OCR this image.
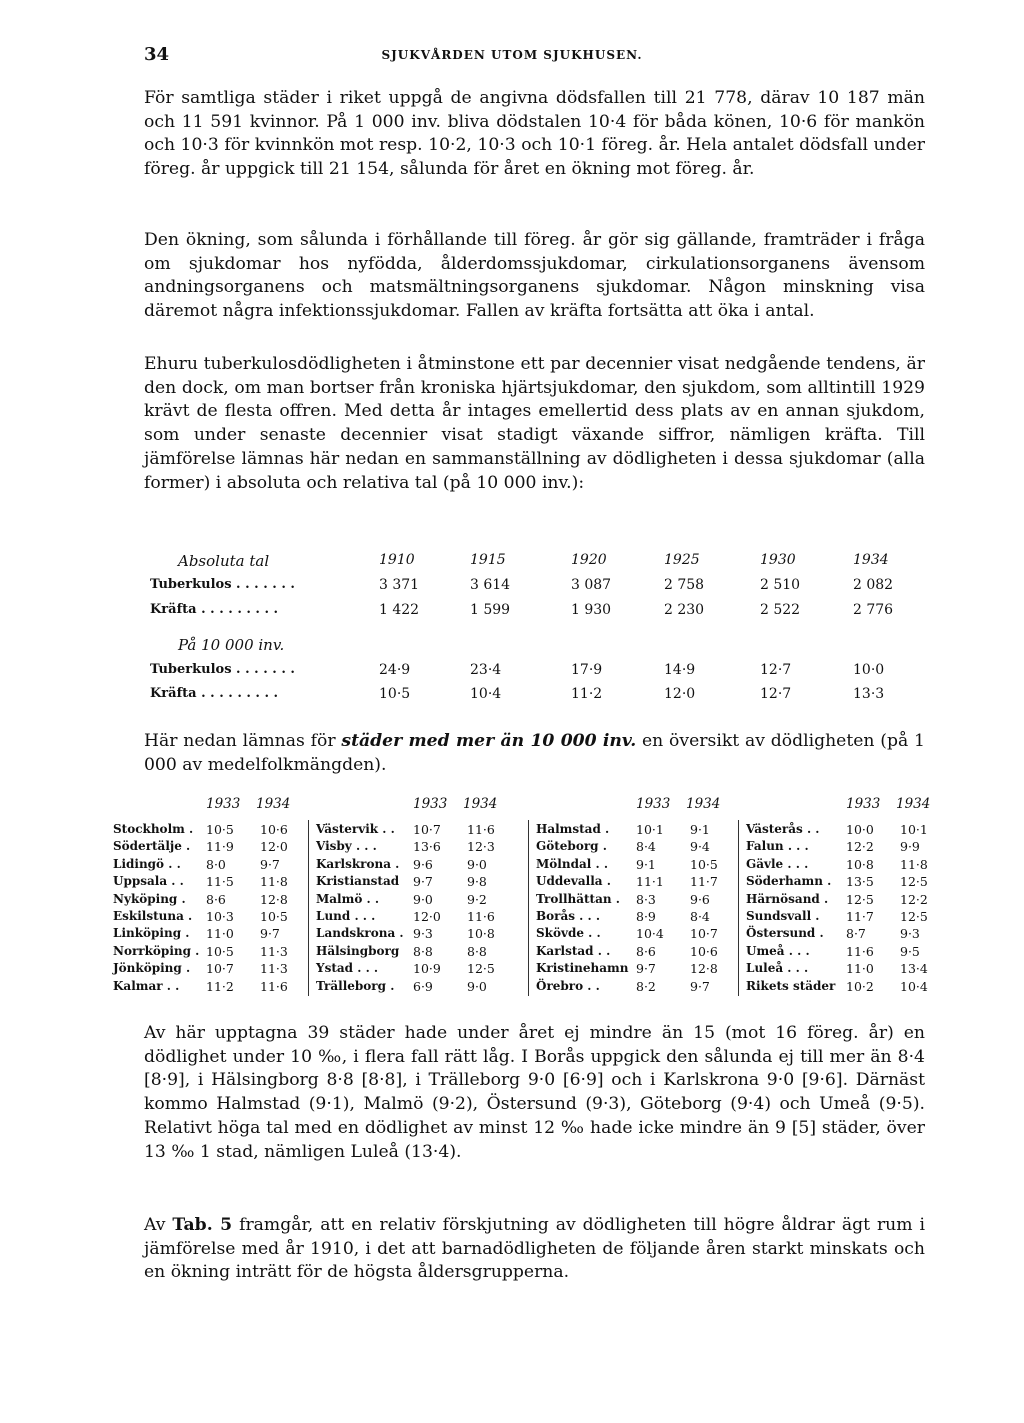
34	SJUKVÅRDEN UTOM SJUKHUSEN.

För samtliga städer i riket uppgå de angivna dödsfallen till 21 778, därav 10 187 män och 11 591 kvinnor. På 1 000 inv. bliva dödstalen 10·4 för båda könen, 10·6 för mankön och 10·3 för kvinnkön mot resp. 10·2, 10·3 och 10·1 föreg. år. Hela antalet dödsfall under föreg. år uppgick till 21 154, sålunda för året en ökning mot föreg. år.

Den ökning, som sålunda i förhållande till föreg. år gör sig gällande, framträder i fråga om sjukdomar hos nyfödda, ålderdomssjukdomar, cirkulationsorganens ävensom andningsorganens och matsmältningsorganens sjukdomar. Någon minskning visa däremot några infektionssjukdomar. Fallen av kräfta fortsätta att öka i antal.

Ehuru tuberkulosdödligheten i åtminstone ett par decennier visat nedgående tendens, är den dock, om man bortser från kroniska hjärtsjukdomar, den sjukdom, som alltintill 1929 krävt de flesta offren. Med detta år intages emellertid dess plats av en annan sjukdom, som under senaste decennier visat stadigt växande siffror, nämligen kräfta. Till jämförelse lämnas här nedan en sammanställning av dödligheten i dessa sjukdomar (alla former) i absoluta och relativa tal (på 10 000 inv.):

Absoluta tal	1910	1915	1920	1925	1930	1934
Tuberkulos . . . . . . .	3 371	3 614	3 087	2 758	2 510	2 082
Kräfta . . . . . . . . .	1 422	1 599	1 930	2 230	2 522	2 776
På 10 000 inv.
Tuberkulos . . . . . . .	24·9	23·4	17·9	14·9	12·7	10·0
Kräfta . . . . . . . . .	10·5	10·4	11·2	12·0	12·7	13·3

Här nedan lämnas för städer med mer än 10 000 inv. en översikt av dödligheten (på 1 000 av medelfolkmängden).

1933 1934
Stockholm . 10·5 10·6
Södertälje . 11·9 12·0
Lidingö . . 8·0	9·7
Uppsala . . 11·5 11·8
Nyköping . 8·6	12·8
Eskilstuna . 10·3 10·5
Linköping . 11·0 9·7
Norrköping . 10·5 11·3
Jönköping . 10·7 11·3
Kalmar . . 11·2 11·6
1933 1934
Västervik . . 10·7 11·6
Visby . . .	13·6 12·3
Karlskrona . 9·6	9·0
Kristianstad 9·7	9·8
Malmö . .	9·0	9·2
Lund . . .	12·0 11·6
Landskrona . 9·3	10·8
Hälsingborg 8·8	8·8
Ystad . . .	10·9 12·5
Trälleborg . 6·9	9·0
1933 1934
Halmstad . 10·1 9·1
Göteborg . 8·4	9·4
Mölndal . . 9·1	10·5
Uddevalla . 11·1 11·7
Trollhättan . 8·3	9·6
Borås . . .	8·9	8·4
Skövde . .	10·4 10·7
Karlstad . . 8·6	10·6
Kristinehamn 9·7	12·8
Örebro . .	8·2	9·7
1933 1934
Västerås . . 10·0 10·1
Falun . . .	12·2 9·9
Gävle . . .	10·8 11·8
Söderhamn . 13·5 12·5
Härnösand . 12·5 12·2
Sundsvall . 11·7 12·5
Östersund . 8·7	9·3
Umeå . . .	11·6 9·5
Luleå . . .	11·0 13·4
Rikets städer 10·2 10·4

Av här upptagna 39 städer hade under året ej mindre än 15 (mot 16 föreg. år) en dödlighet under 10 ‰, i flera fall rätt låg. I Borås uppgick den sålunda ej till mer än 8·4 [8·9], i Hälsingborg 8·8 [8·8], i Trälleborg 9·0 [6·9] och i Karlskrona 9·0 [9·6]. Därnäst kommo Halmstad (9·1), Malmö (9·2), Östersund (9·3), Göteborg (9·4) och Umeå (9·5). Relativt höga tal med en dödlighet av minst 12 ‰ hade icke mindre än 9 [5] städer, över 13 ‰ 1 stad, nämligen Luleå (13·4).

Av Tab. 5 framgår, att en relativ förskjutning av dödligheten till högre åldrar ägt rum i jämförelse med år 1910, i det att barnadödligheten de följande åren starkt minskats och en ökning inträtt för de högsta åldersgrupperna.
